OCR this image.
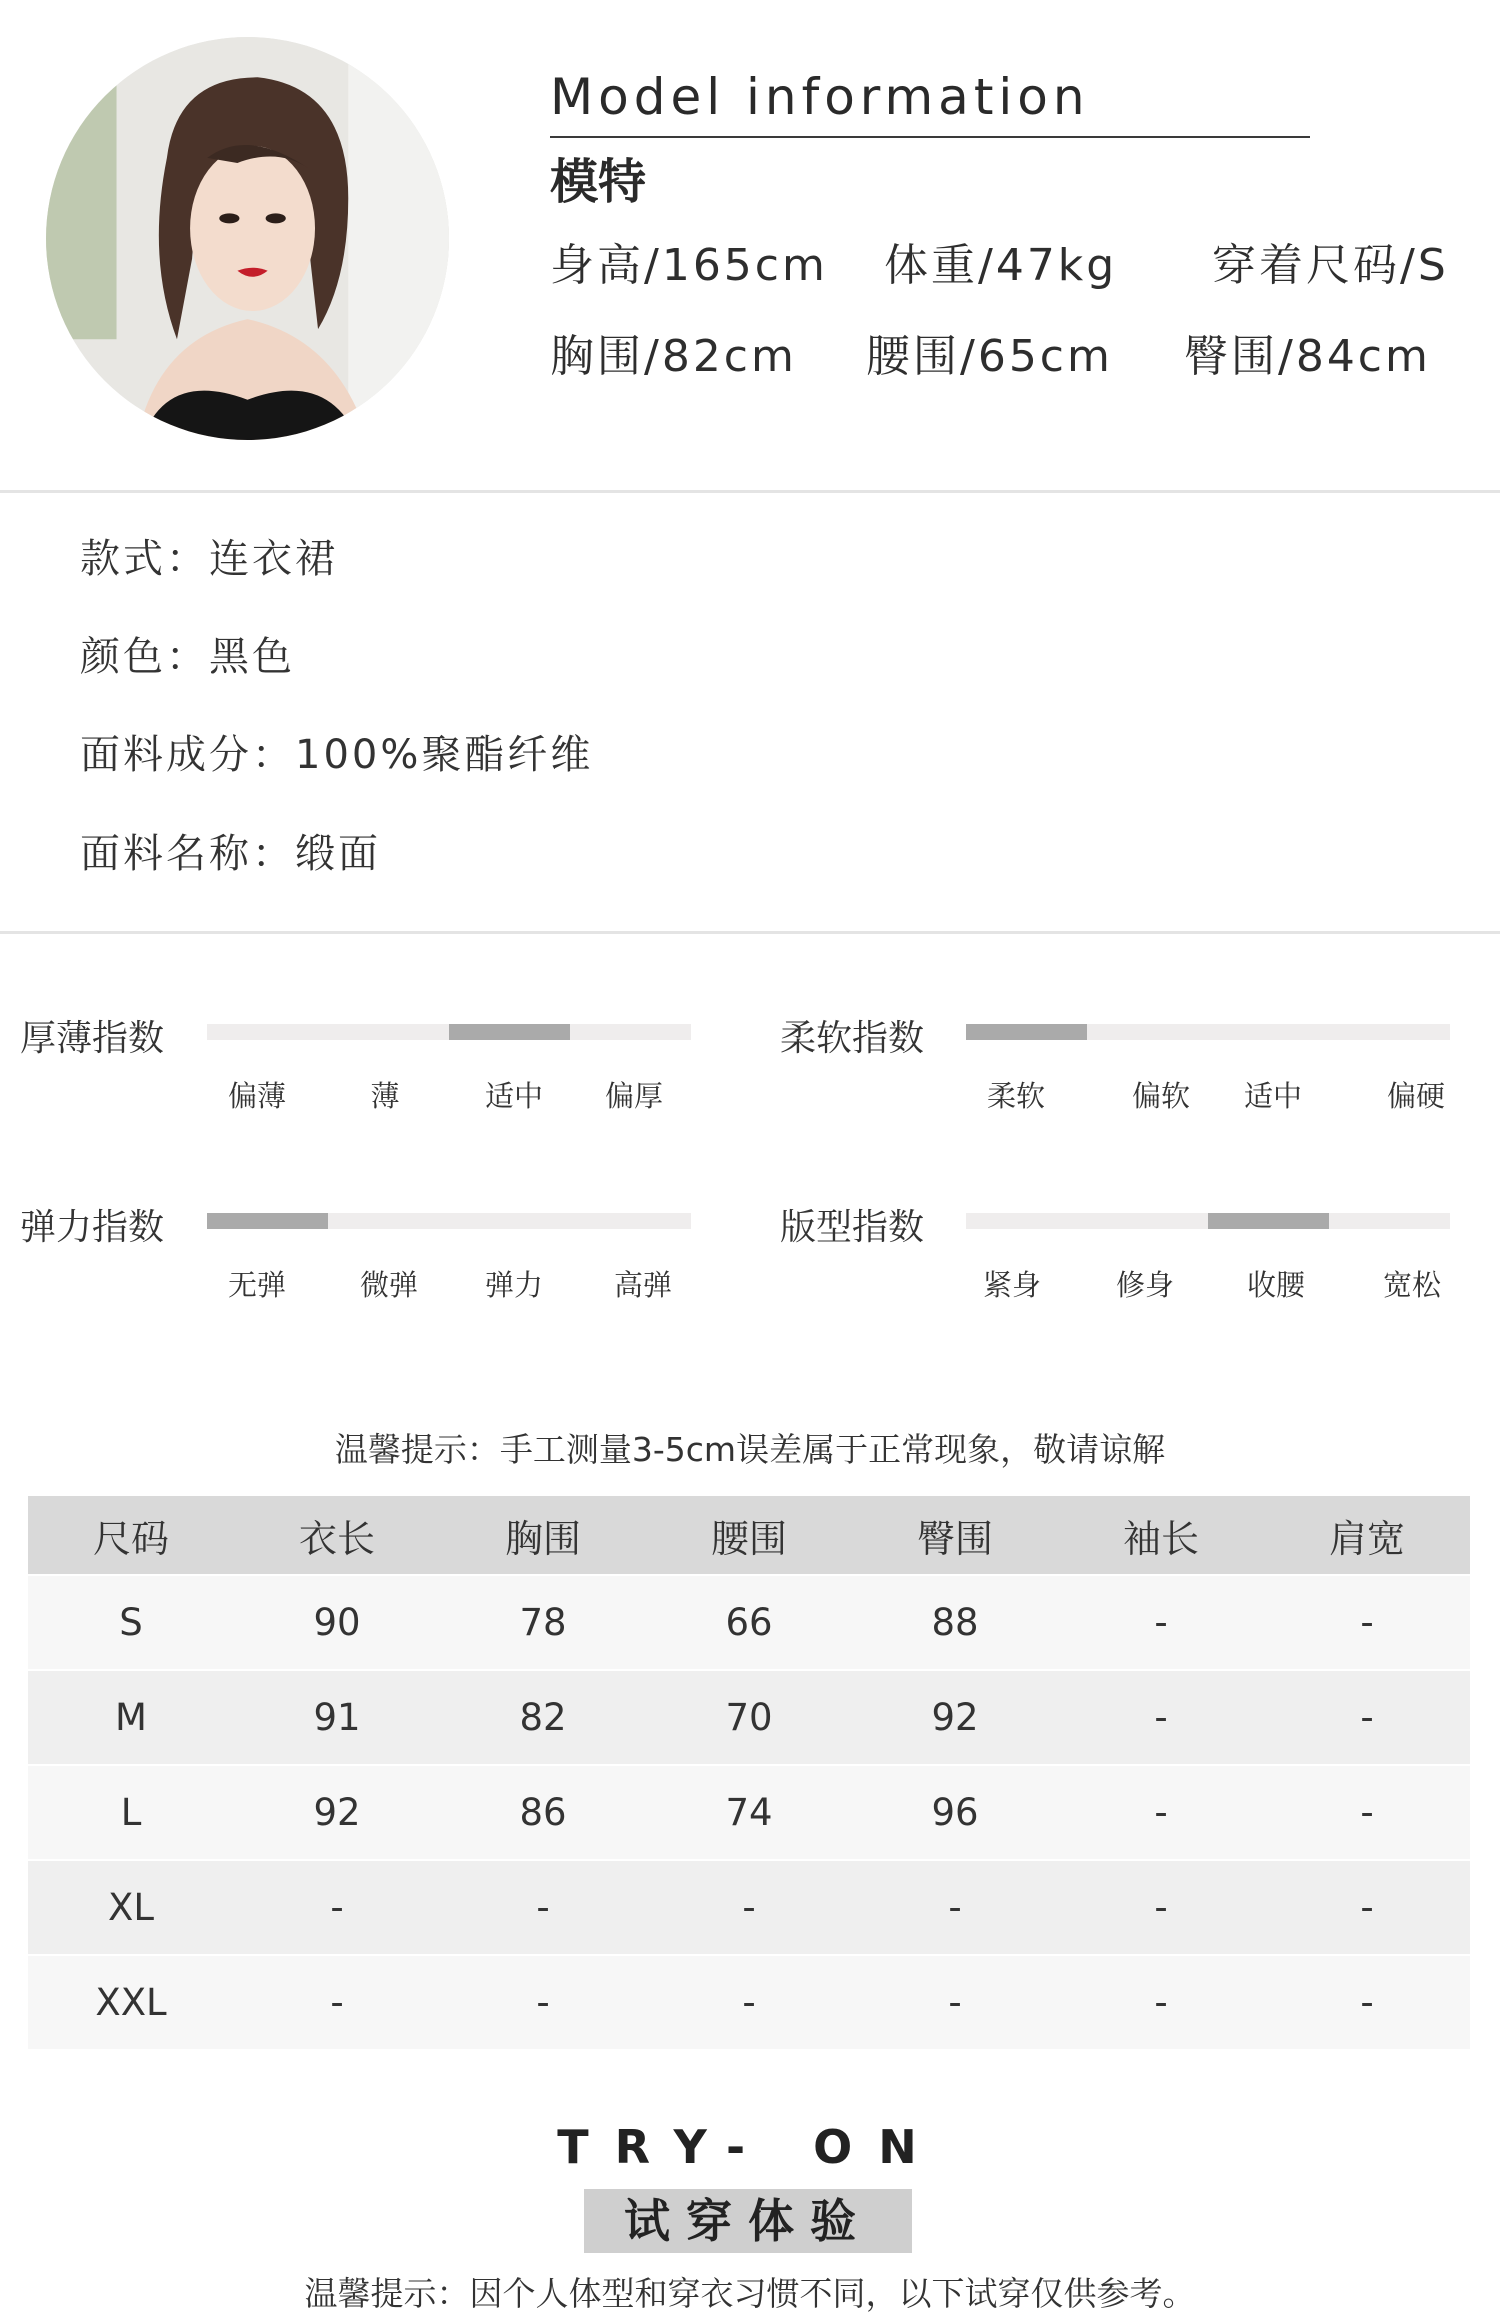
Model information
模特
身高/165cm 体重/47kg 穿着尺码/S
胸围/82cm 腰围/65cm 臀围/84cm
款式：连衣裙
颜色：黑色
面料成分：100%聚酯纤维
面料名称：缎面
厚薄指数
偏薄	薄	适中 偏厚
柔软指数
柔软	偏软 适中	偏硬
弹力指数
无弹	微弹 弹力 高弹
版型指数
紧身	修身	收腰	宽松
温馨提示：手工测量3-5cm误差属于正常现象，敬请谅解
尺码	衣长	胸围	腰围	臀围	袖长	肩宽
S	90	78	66	88	-	-
M	91	82	70	92	-	-
L	92	86	74	96	-	-
XL	-	-	-	-	-	-
XXL	-	-	-	-	-	-
TRY- ON
试穿体验
温馨提示：因个人体型和穿衣习惯不同，以下试穿仅供参考。
